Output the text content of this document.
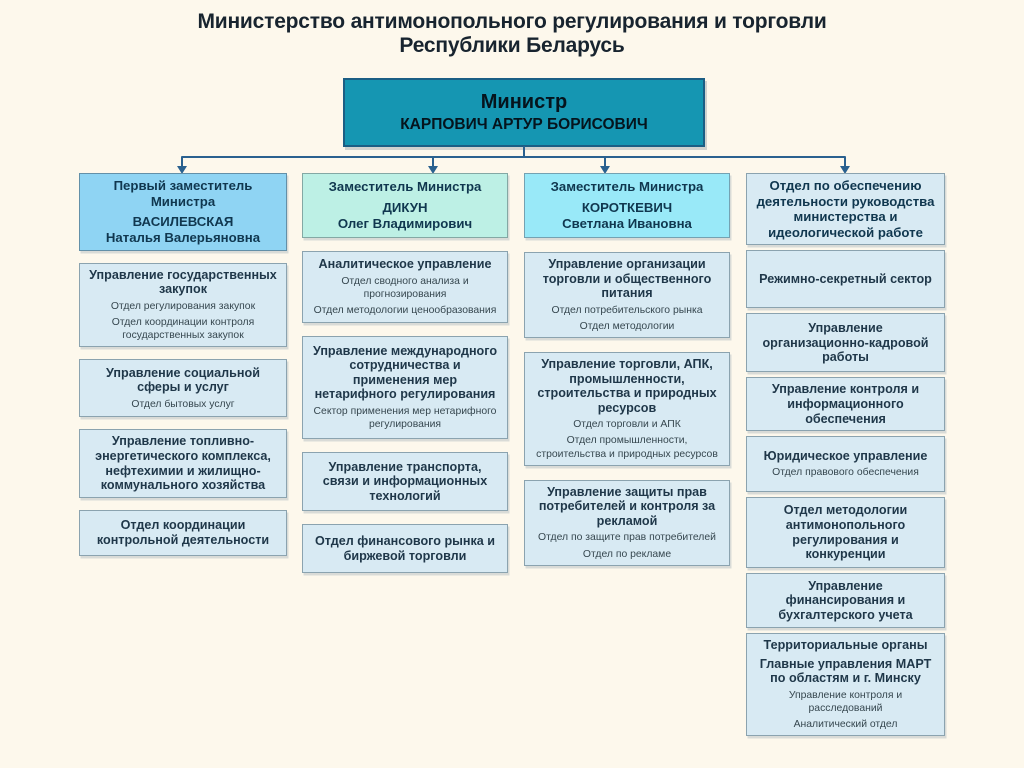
Министерство антимонопольного регулирования и торговли
Республики Беларусь
Министр
КАРПОВИЧ АРТУР БОРИСОВИЧ
Первый заместитель Министра
ВАСИЛЕВСКАЯ
Наталья Валерьяновна
Управление государственных закупок
Отдел регулирования закупок
Отдел координации контроля государственных закупок
Управление социальной сферы и услуг
Отдел бытовых услуг
Управление топливно-энергетического комплекса, нефтехимии и жилищно-коммунального хозяйства
Отдел координации контрольной деятельности
Заместитель Министра
ДИКУН
Олег Владимирович
Аналитическое управление
Отдел сводного анализа и прогнозирования
Отдел методологии ценообразования
Управление международного сотрудничества и применения мер нетарифного регулирования
Сектор применения мер нетарифного регулирования
Управление транспорта, связи и информационных технологий
Отдел финансового рынка и биржевой торговли
Заместитель Министра
КОРОТКЕВИЧ
Светлана Ивановна
Управление организации торговли и общественного питания
Отдел потребительского рынка
Отдел методологии
Управление торговли, АПК, промышленности, строительства и природных ресурсов
Отдел торговли и АПК
Отдел промышленности, строительства и природных ресурсов
Управление защиты прав потребителей и контроля за рекламой
Отдел по защите прав потребителей
Отдел по рекламе
Отдел по обеспечению деятельности руководства министерства и идеологической работе
Режимно-секретный сектор
Управление организационно-кадровой работы
Управление контроля и информационного обеспечения
Юридическое управление
Отдел правового обеспечения
Отдел методологии антимонопольного регулирования и конкуренции
Управление финансирования и бухгалтерского учета
Территориальные органы
Главные управления МАРТ по областям и г. Минску
Управление контроля и расследований
Аналитический отдел
